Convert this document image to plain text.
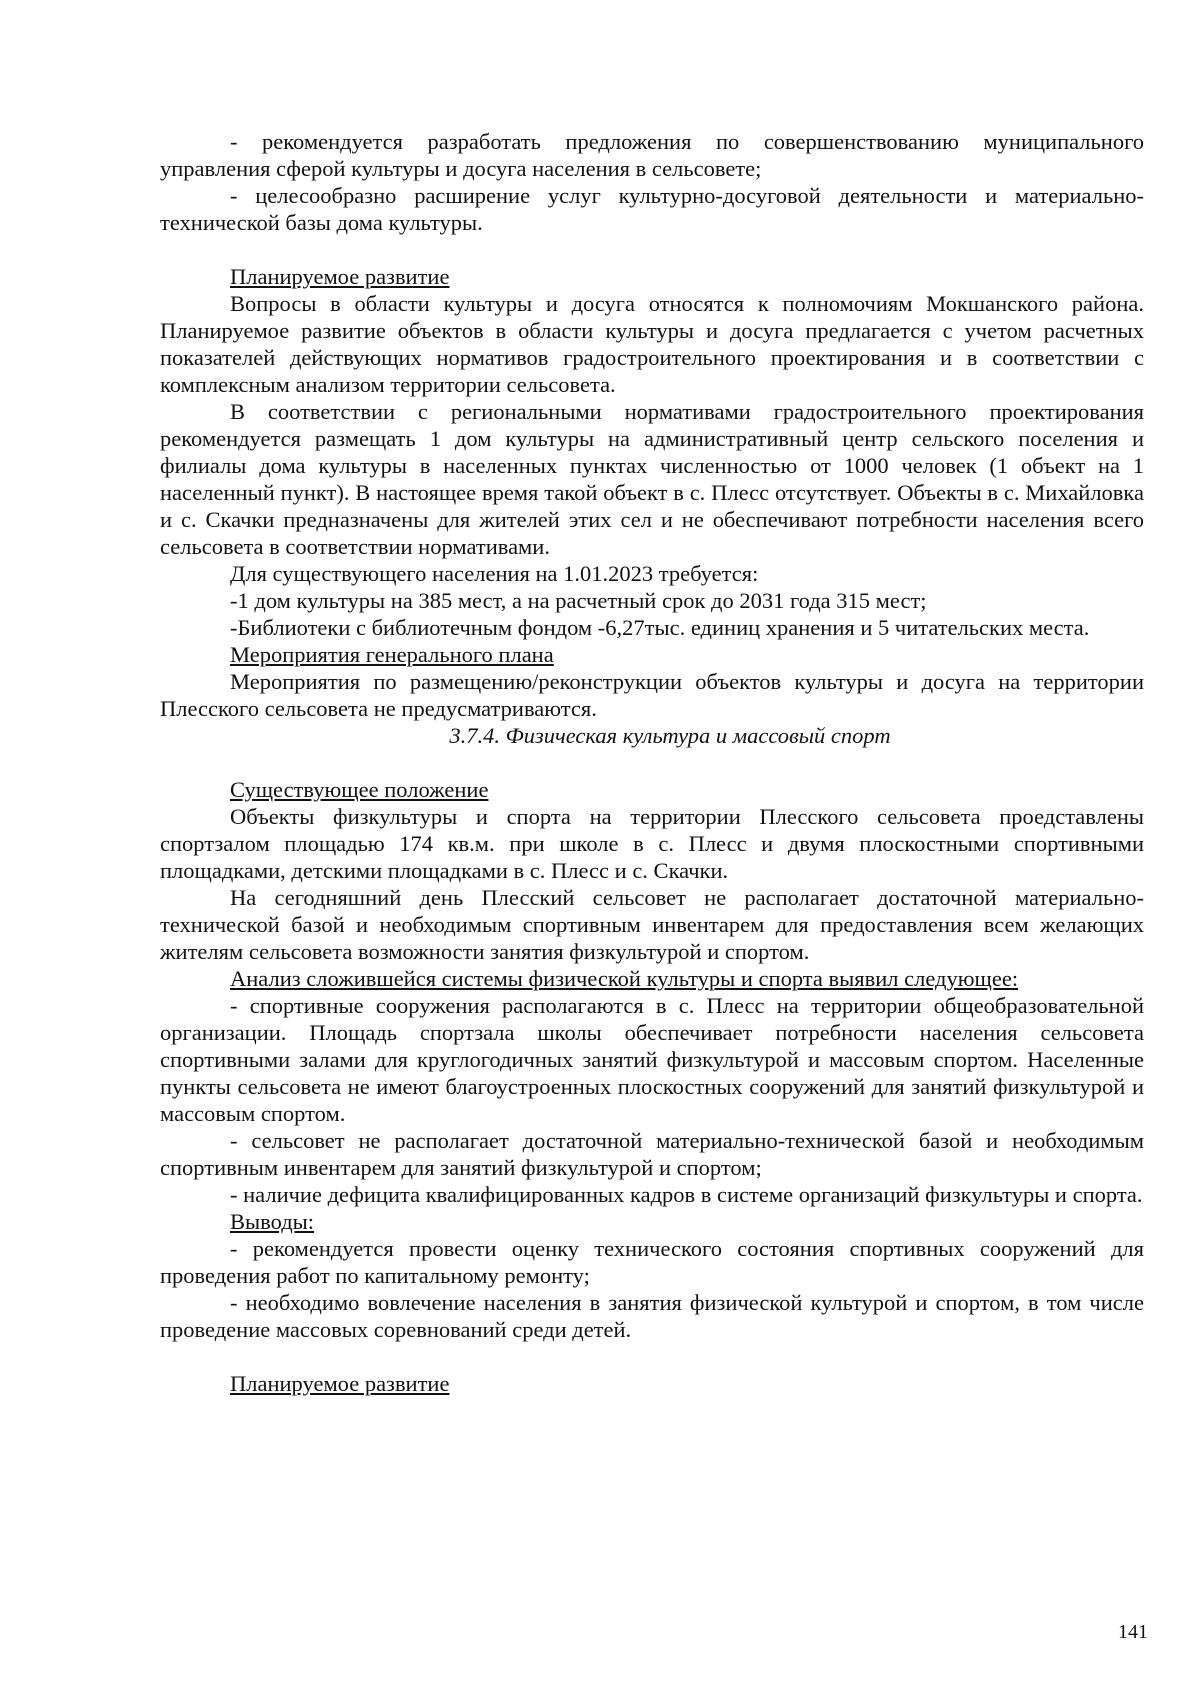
- рекомендуется разработать предложения по совершенствованию муниципального управления сферой культуры и досуга населения в сельсовете;

- целесообразно расширение услуг культурно-досуговой деятельности и материально-технической базы дома культуры.

Планируемое развитие

Вопросы в области культуры и досуга относятся к полномочиям Мокшанского района. Планируемое развитие объектов в области культуры и досуга предлагается с учетом расчетных показателей действующих нормативов градостроительного проектирования и в соответствии с комплексным анализом территории сельсовета.

В соответствии с региональными нормативами градостроительного проектирования рекомендуется размещать 1 дом культуры на административный центр сельского поселения и филиалы дома культуры в населенных пунктах численностью от 1000 человек (1 объект на 1 населенный пункт). В настоящее время такой объект в с. Плесс отсутствует. Объекты в с. Михайловка и с. Скачки предназначены для жителей этих сел и не обеспечивают потребности населения всего сельсовета в соответствии нормативами.

Для существующего населения на 1.01.2023 требуется:

-1 дом культуры на 385 мест, а на расчетный срок до 2031 года 315 мест;

-Библиотеки с библиотечным фондом -6,27тыс. единиц хранения и 5 читательских места.

Мероприятия генерального плана

Мероприятия по размещению/реконструкции объектов культуры и досуга на территории Плесского сельсовета не предусматриваются.

3.7.4. Физическая культура и массовый спорт

Существующее положение

Объекты физкультуры и спорта на территории Плесского сельсовета проедставлены спортзалом площадью 174 кв.м. при школе в с. Плесс и двумя плоскостными спортивными площадками, детскими площадками в с. Плесс и с. Скачки.

На сегодняшний день Плесский сельсовет не располагает достаточной материально-технической базой и необходимым спортивным инвентарем для предоставления всем желающих жителям сельсовета возможности занятия физкультурой и спортом.

Анализ сложившейся системы физической культуры и спорта выявил следующее:

- спортивные сооружения располагаются в с. Плесс на территории общеобразовательной организации. Площадь спортзала школы обеспечивает потребности населения сельсовета спортивными залами для круглогодичных занятий физкультурой и массовым спортом. Населенные пункты сельсовета не имеют благоустроенных плоскостных сооружений для занятий физкультурой и массовым спортом.

- сельсовет не располагает достаточной материально-технической базой и необходимым спортивным инвентарем для занятий физкультурой и спортом;

- наличие дефицита квалифицированных кадров в системе организаций физкультуры и спорта.

Выводы:

- рекомендуется провести оценку технического состояния спортивных сооружений для проведения работ по капитальному ремонту;

- необходимо вовлечение населения в занятия физической культурой и спортом, в том числе проведение массовых соревнований среди детей.

Планируемое развитие

141
